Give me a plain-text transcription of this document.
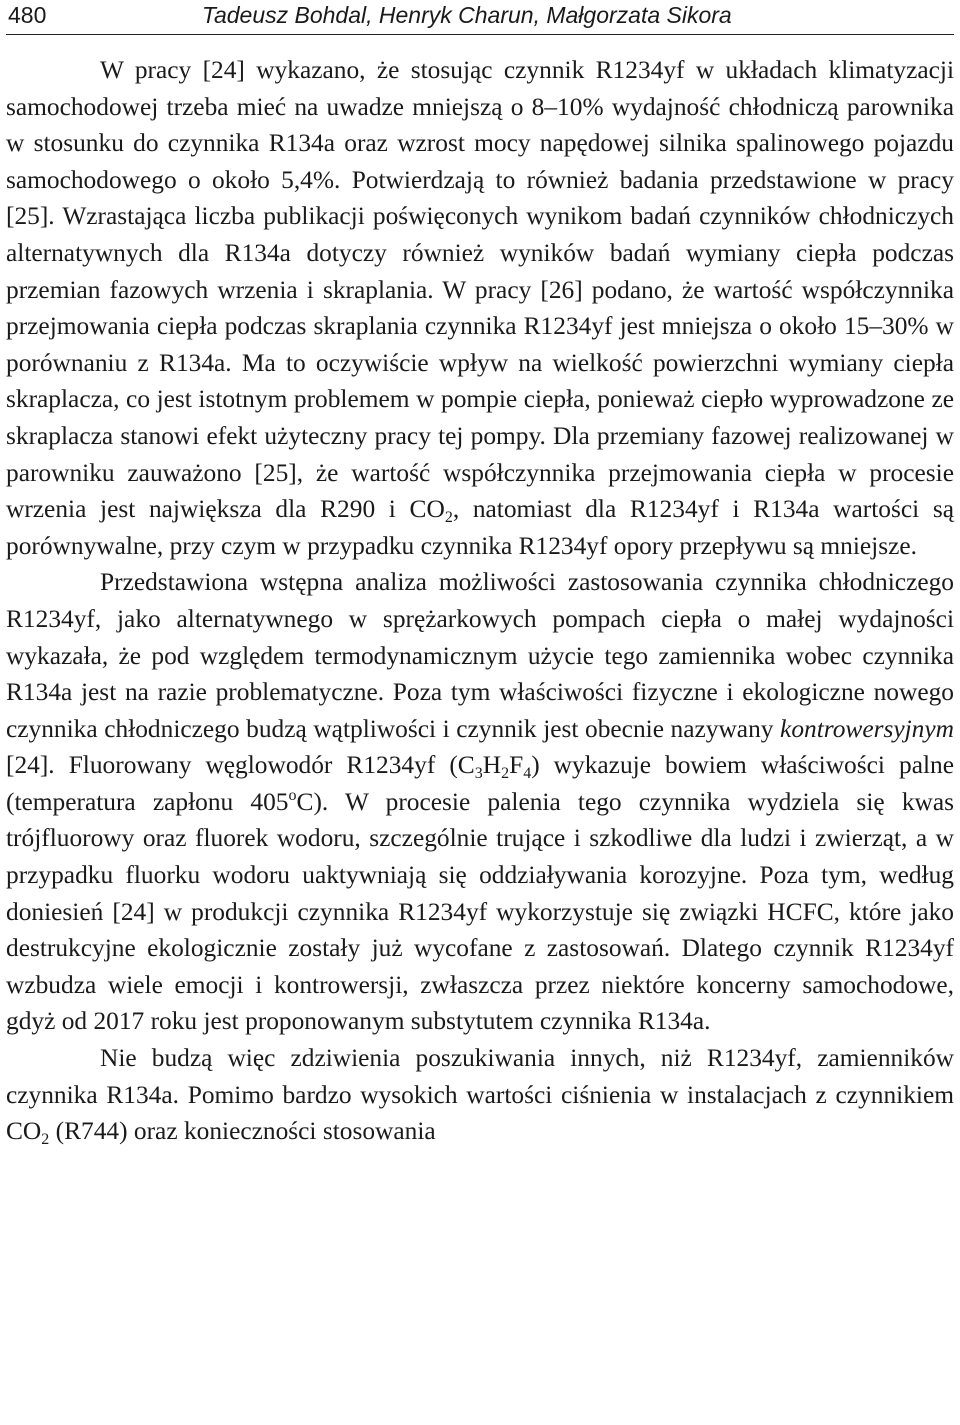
480	Tadeusz Bohdal, Henryk Charun, Małgorzata Sikora

W pracy [24] wykazano, że stosując czynnik R1234yf w układach klimatyzacji samochodowej trzeba mieć na uwadze mniejszą o 8–10% wydajność chłodniczą parownika w stosunku do czynnika R134a oraz wzrost mocy napędowej silnika spalinowego pojazdu samochodowego o około 5,4%. Potwierdzają to również badania przedstawione w pracy [25]. Wzrastająca liczba publikacji poświęconych wynikom badań czynników chłodniczych alternatywnych dla R134a dotyczy również wyników badań wymiany ciepła podczas przemian fazowych wrzenia i skraplania. W pracy [26] podano, że wartość współczynnika przejmowania ciepła podczas skraplania czynnika R1234yf jest mniejsza o około 15–30% w porównaniu z R134a. Ma to oczywiście wpływ na wielkość powierzchni wymiany ciepła skraplacza, co jest istotnym problemem w pompie ciepła, ponieważ ciepło wyprowadzone ze skraplacza stanowi efekt użyteczny pracy tej pompy. Dla przemiany fazowej realizowanej w parowniku zauważono [25], że wartość współczynnika przejmowania ciepła w procesie wrzenia jest największa dla R290 i $CO_2$, natomiast dla R1234yf i R134a wartości są porównywalne, przy czym w przypadku czynnika R1234yf opory przepływu są mniejsze.

Przedstawiona wstępna analiza możliwości zastosowania czynnika chłodniczego R1234yf, jako alternatywnego w sprężarkowych pompach ciepła o małej wydajności wykazała, że pod względem termodynamicznym użycie tego zamiennika wobec czynnika R134a jest na razie problematyczne. Poza tym właściwości fizyczne i ekologiczne nowego czynnika chłodniczego budzą wątpliwości i czynnik jest obecnie nazywany kontrowersyjnym [24]. Fluorowany węglowodór R1234yf $(C_3H_2F_4)$ wykazuje bowiem właściwości palne (temperatura zapłonu 405$^o$C). W procesie palenia tego czynnika wydziela się kwas trójfluorowy oraz fluorek wodoru, szczególnie trujące i szkodliwe dla ludzi i zwierząt, a w przypadku fluorku wodoru uaktywniają się oddziaływania korozyjne. Poza tym, według doniesień [24] w produkcji czynnika R1234yf wykorzystuje się związki HCFC, które jako destrukcyjne ekologicznie zostały już wycofane z zastosowań. Dlatego czynnik R1234yf wzbudza wiele emocji i kontrowersji, zwłaszcza przez niektóre koncerny samochodowe, gdyż od 2017 roku jest proponowanym substytutem czynnika R134a.

Nie budzą więc zdziwienia poszukiwania innych, niż R1234yf, zamienników czynnika R134a. Pomimo bardzo wysokich wartości ciśnienia w instalacjach z czynnikiem $CO_2$ (R744) oraz konieczności stosowania
